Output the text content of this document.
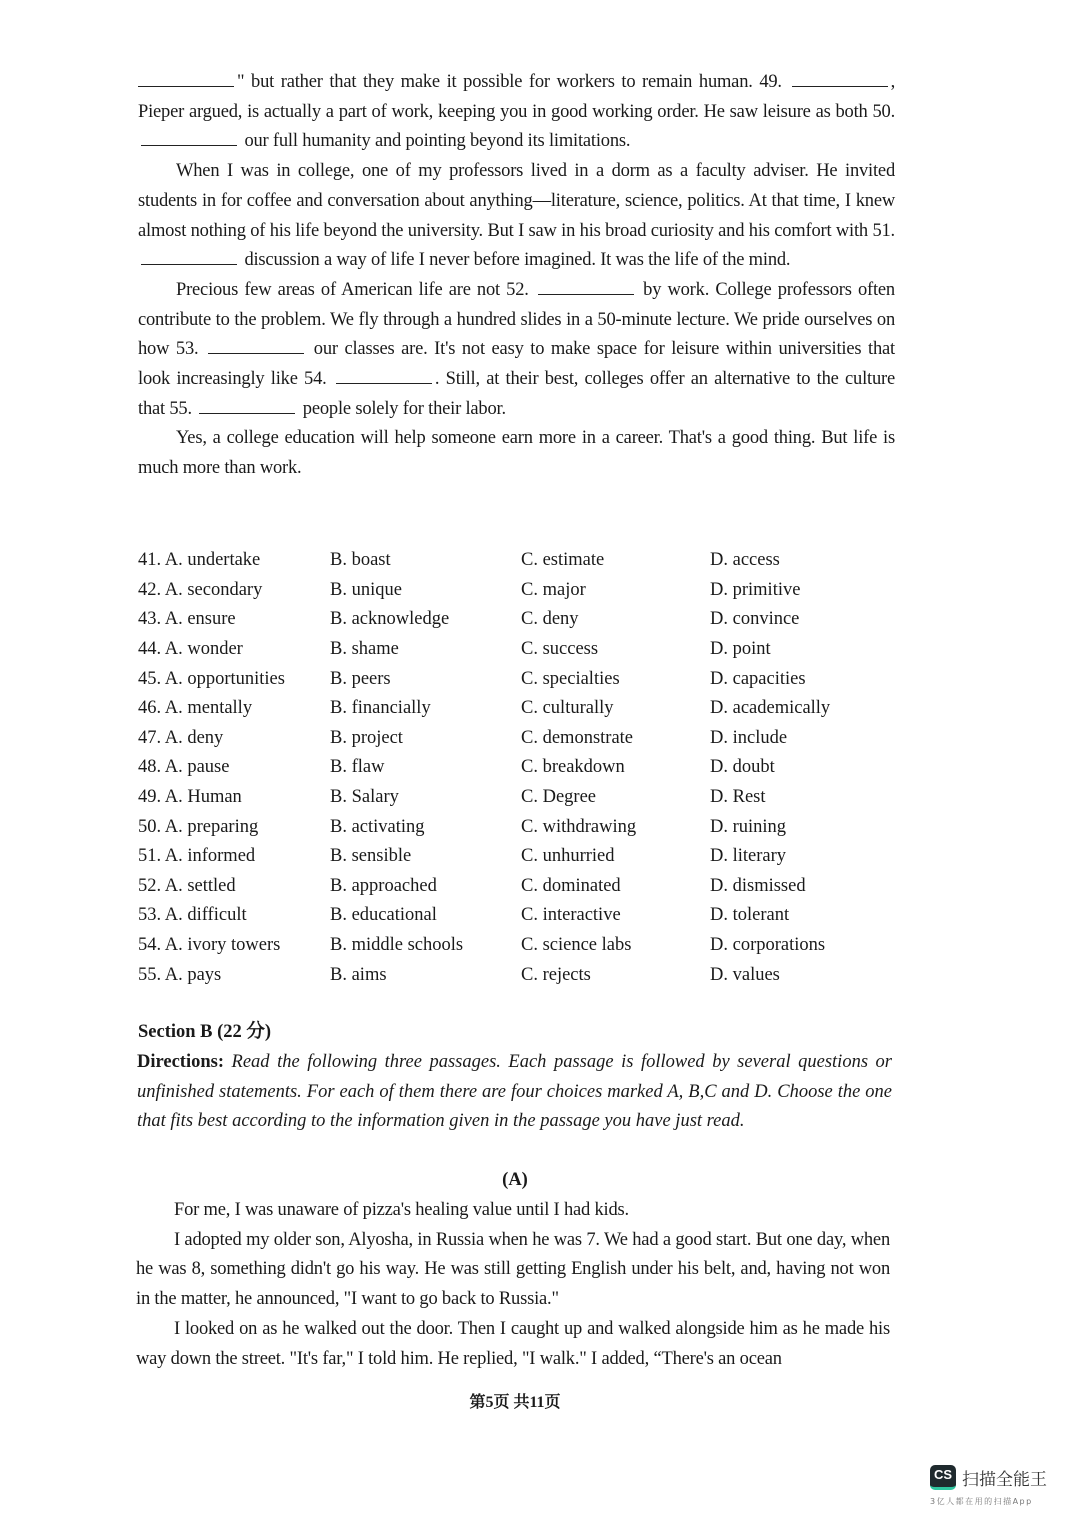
" but rather that they make it possible for workers to remain human. 49.	, Pieper argued, is actually a part of work, keeping you in good working order. He saw leisure as both 50.  our full humanity and pointing beyond its limitations.

When I was in college, one of my professors lived in a dorm as a faculty adviser. He invited students in for coffee and conversation about anything—literature, science, politics. At that time, I knew almost nothing of his life beyond the university. But I saw in his broad curiosity and his comfort with 51.  discussion a way of life I never before imagined. It was the life of the mind.

Precious few areas of American life are not 52.	by work. College professors often contribute to the problem. We fly through a hundred slides in a 50-minute lecture. We pride ourselves on how 53.	our classes are. It's not easy to make space for leisure within universities that look increasingly like 54.	. Still, at their best, colleges offer an alternative to the culture that 55.	people solely for their labor.

Yes, a college education will help someone earn more in a career. That's a good thing. But life is much more than work.

41. A. undertake	B. boast	C. estimate	D. access
42. A. secondary	B. unique	C. major	D. primitive
43. A. ensure	B. acknowledge	C. deny	D. convince
44. A. wonder	B. shame	C. success	D. point
45. A. opportunities	B. peers	C. specialties	D. capacities
46. A. mentally	B. financially	C. culturally	D. academically
47. A. deny	B. project	C. demonstrate	D. include
48. A. pause	B. flaw	C. breakdown	D. doubt
49. A. Human	B. Salary	C. Degree	D. Rest
50. A. preparing	B. activating	C. withdrawing	D. ruining
51. A. informed	B. sensible	C. unhurried	D. literary
52. A. settled	B. approached	C. dominated	D. dismissed
53. A. difficult	B. educational	C. interactive	D. tolerant
54. A. ivory towers	B. middle schools	C. science labs	D. corporations
55. A. pays	B. aims	C. rejects	D. values
Section B (22 分)
Directions: Read the following three passages. Each passage is followed by several questions or unfinished statements. For each of them there are four choices marked A, B,C and D. Choose the one that fits best according to the information given in the passage you have just read.
(A)

For me, I was unaware of pizza's healing value until I had kids.

I adopted my older son, Alyosha, in Russia when he was 7. We had a good start. But one day, when he was 8, something didn't go his way. He was still getting English under his belt, and, having not won in the matter, he announced, "I want to go back to Russia."

I looked on as he walked out the door. Then I caught up and walked alongside him as he made his way down the street. "It's far," I told him. He replied, "I walk." I added, “There's an ocean

第5页 共11页
CS 扫描全能王
3亿人都在用的扫描App
